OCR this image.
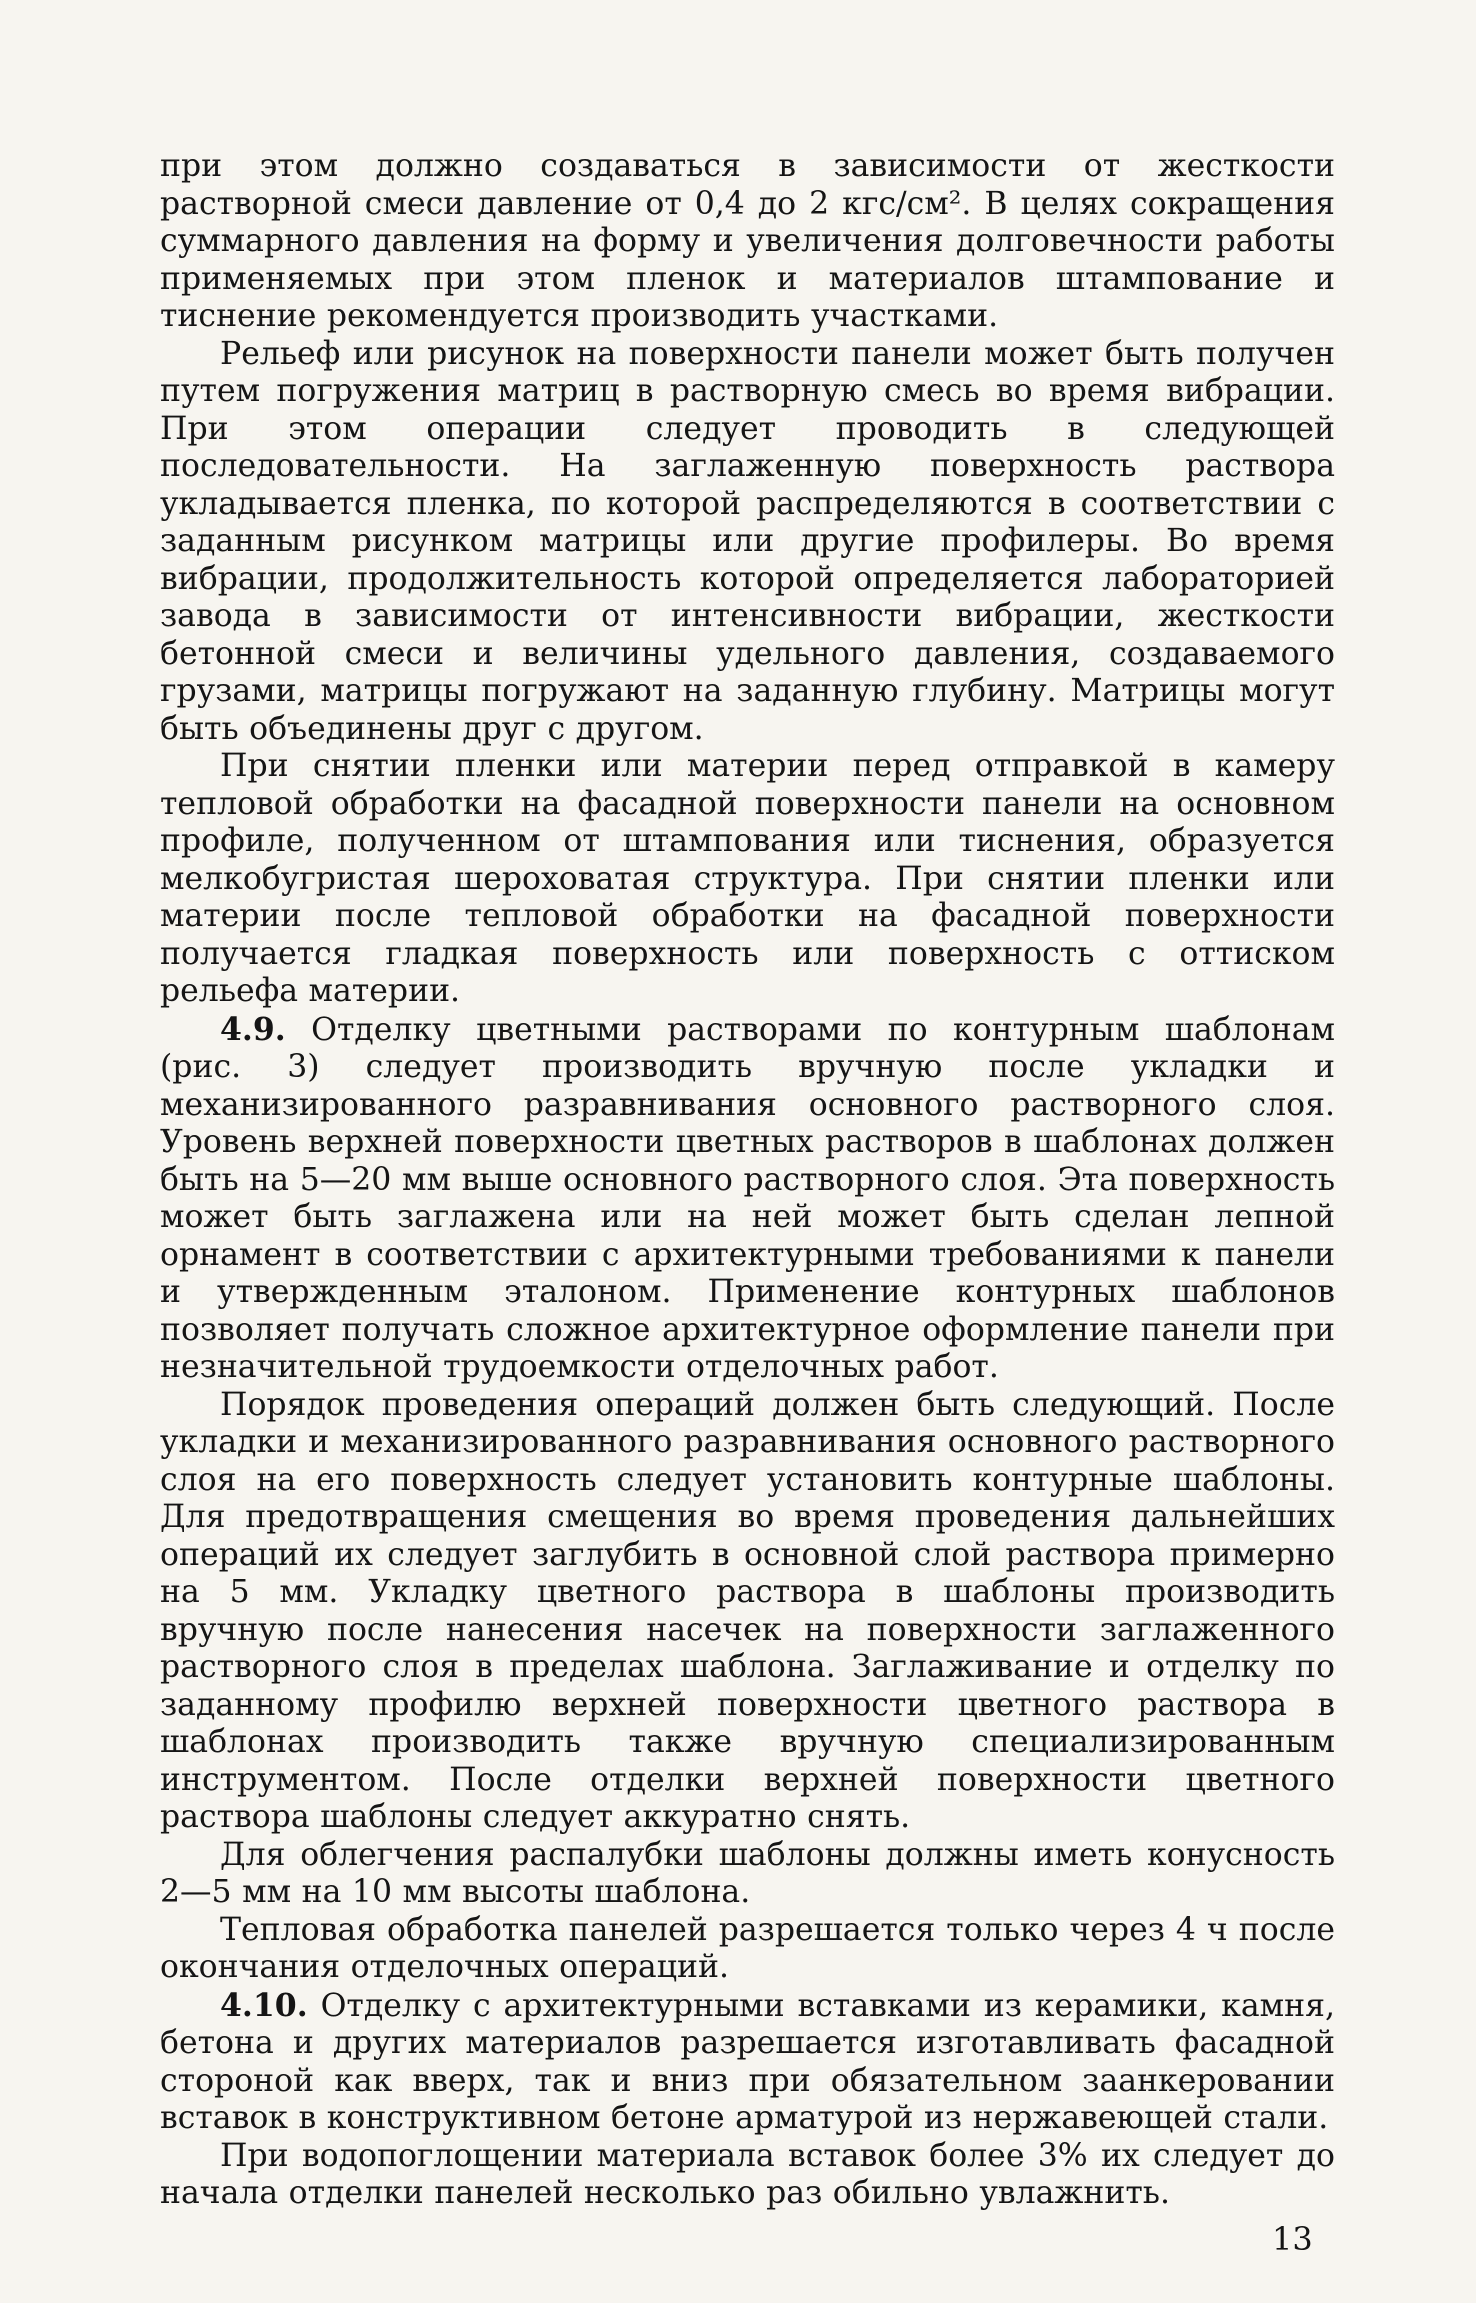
при этом должно создаваться в зависимости от жесткости растворной смеси давление от 0,4 до 2 кгс/см². В целях сокращения суммарного давления на форму и увеличения долговечности работы применяемых при этом пленок и материалов штампование и тиснение рекомендуется производить участками.

Рельеф или рисунок на поверхности панели может быть получен путем погружения матриц в растворную смесь во время вибрации. При этом операции следует проводить в следующей последовательности. На заглаженную поверхность раствора укладывается пленка, по которой распределяются в соответствии с заданным рисунком матрицы или другие профилеры. Во время вибрации, продолжительность которой определяется лабораторией завода в зависимости от интенсивности вибрации, жесткости бетонной смеси и величины удельного давления, создаваемого грузами, матрицы погружают на заданную глубину. Матрицы могут быть объединены друг с другом.

При снятии пленки или материи перед отправкой в камеру тепловой обработки на фасадной поверхности панели на основном профиле, полученном от штампования или тиснения, образуется мелкобугристая шероховатая структура. При снятии пленки или материи после тепловой обработки на фасадной поверхности получается гладкая поверхность или поверхность с оттиском рельефа материи.

4.9. Отделку цветными растворами по контурным шаблонам (рис. 3) следует производить вручную после укладки и механизированного разравнивания основного растворного слоя. Уровень верхней поверхности цветных растворов в шаблонах должен быть на 5—20 мм выше основного растворного слоя. Эта поверхность может быть заглажена или на ней может быть сделан лепной орнамент в соответствии с архитектурными требованиями к панели и утвержденным эталоном. Применение контурных шаблонов позволяет получать сложное архитектурное оформление панели при незначительной трудоемкости отделочных работ.

Порядок проведения операций должен быть следующий. После укладки и механизированного разравнивания основного растворного слоя на его поверхность следует установить контурные шаблоны. Для предотвращения смещения во время проведения дальнейших операций их следует заглубить в основной слой раствора примерно на 5 мм. Укладку цветного раствора в шаблоны производить вручную после нанесения насечек на поверхности заглаженного растворного слоя в пределах шаблона. Заглаживание и отделку по заданному профилю верхней поверхности цветного раствора в шаблонах производить также вручную специализированным инструментом. После отделки верхней поверхности цветного раствора шаблоны следует аккуратно снять.

Для облегчения распалубки шаблоны должны иметь конусность 2—5 мм на 10 мм высоты шаблона.

Тепловая обработка панелей разрешается только через 4 ч после окончания отделочных операций.

4.10. Отделку с архитектурными вставками из керамики, камня, бетона и других материалов разрешается изготавливать фасадной стороной как вверх, так и вниз при обязательном заанкеровании вставок в конструктивном бетоне арматурой из нержавеющей стали.

При водопоглощении материала вставок более 3% их следует до начала отделки панелей несколько раз обильно увлажнить.

13
